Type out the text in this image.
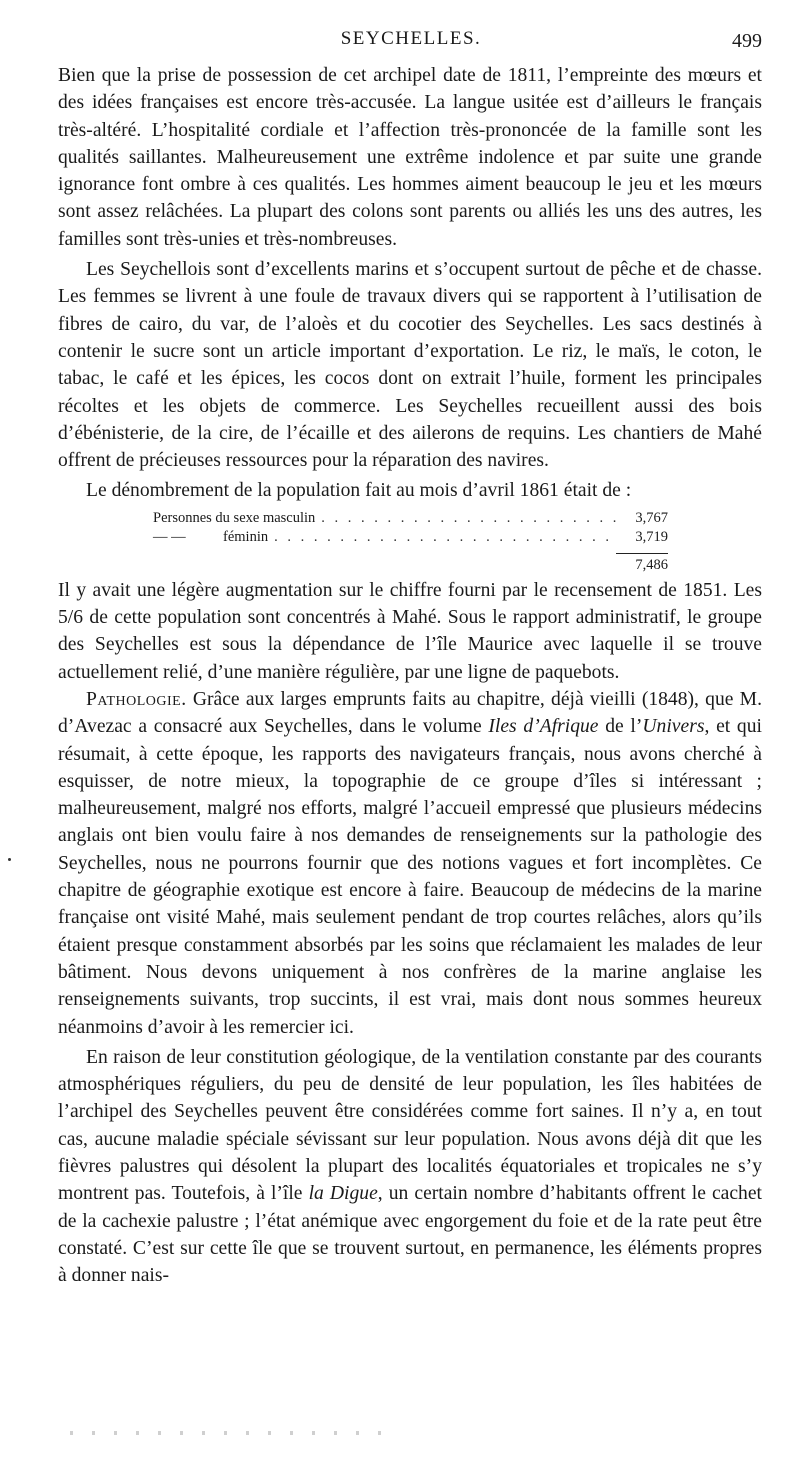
SEYCHELLES.	499

Bien que la prise de possession de cet archipel date de 1811, l’empreinte des mœurs et des idées françaises est encore très-accusée. La langue usitée est d’ailleurs le français très-altéré. L’hospitalité cordiale et l’affection très-prononcée de la famille sont les qualités saillantes. Malheureusement une extrême indolence et par suite une grande ignorance font ombre à ces qualités. Les hommes aiment beaucoup le jeu et les mœurs sont assez relâchées. La plupart des colons sont parents ou alliés les uns des autres, les familles sont très-unies et très-nombreuses.

Les Seychellois sont d’excellents marins et s’occupent surtout de pêche et de chasse. Les femmes se livrent à une foule de travaux divers qui se rapportent à l’utilisation de fibres de cairo, du var, de l’aloès et du cocotier des Seychelles. Les sacs destinés à contenir le sucre sont un article important d’exportation. Le riz, le maïs, le coton, le tabac, le café et les épices, les cocos dont on extrait l’huile, forment les principales récoltes et les objets de commerce. Les Seychelles recueillent aussi des bois d’ébénisterie, de la cire, de l’écaille et des ailerons de requins. Les chantiers de Mahé offrent de précieuses ressources pour la réparation des navires.

Le dénombrement de la population fait au mois d’avril 1861 était de :

Personnes du sexe masculin . . .	3,767
— —	féminin . . .	3,719
7,486

Il y avait une légère augmentation sur le chiffre fourni par le recensement de 1851. Les 5/6 de cette population sont concentrés à Mahé. Sous le rapport administratif, le groupe des Seychelles est sous la dépendance de l’île Maurice avec laquelle il se trouve actuellement relié, d’une manière régulière, par une ligne de paquebots.

Pathologie. Grâce aux larges emprunts faits au chapitre, déjà vieilli (1848), que M. d’Avezac a consacré aux Seychelles, dans le volume Iles d’Afrique de l’Univers, et qui résumait, à cette époque, les rapports des navigateurs français, nous avons cherché à esquisser, de notre mieux, la topographie de ce groupe d’îles si intéressant ; malheureusement, malgré nos efforts, malgré l’accueil empressé que plusieurs médecins anglais ont bien voulu faire à nos demandes de renseignements sur la pathologie des Seychelles, nous ne pourrons fournir que des notions vagues et fort incomplètes. Ce chapitre de géographie exotique est encore à faire. Beaucoup de médecins de la marine française ont visité Mahé, mais seulement pendant de trop courtes relâches, alors qu’ils étaient presque constamment absorbés par les soins que réclamaient les malades de leur bâtiment. Nous devons uniquement à nos confrères de la marine anglaise les renseignements suivants, trop succints, il est vrai, mais dont nous sommes heureux néanmoins d’avoir à les remercier ici.

En raison de leur constitution géologique, de la ventilation constante par des courants atmosphériques réguliers, du peu de densité de leur population, les îles habitées de l’archipel des Seychelles peuvent être considérées comme fort saines. Il n’y a, en tout cas, aucune maladie spéciale sévissant sur leur population. Nous avons déjà dit que les fièvres palustres qui désolent la plupart des localités équatoriales et tropicales ne s’y montrent pas. Toutefois, à l’île la Digue, un certain nombre d’habitants offrent le cachet de la cachexie palustre ; l’état anémique avec engorgement du foie et de la rate peut être constaté. C’est sur cette île que se trouvent surtout, en permanence, les éléments propres à donner nais-
